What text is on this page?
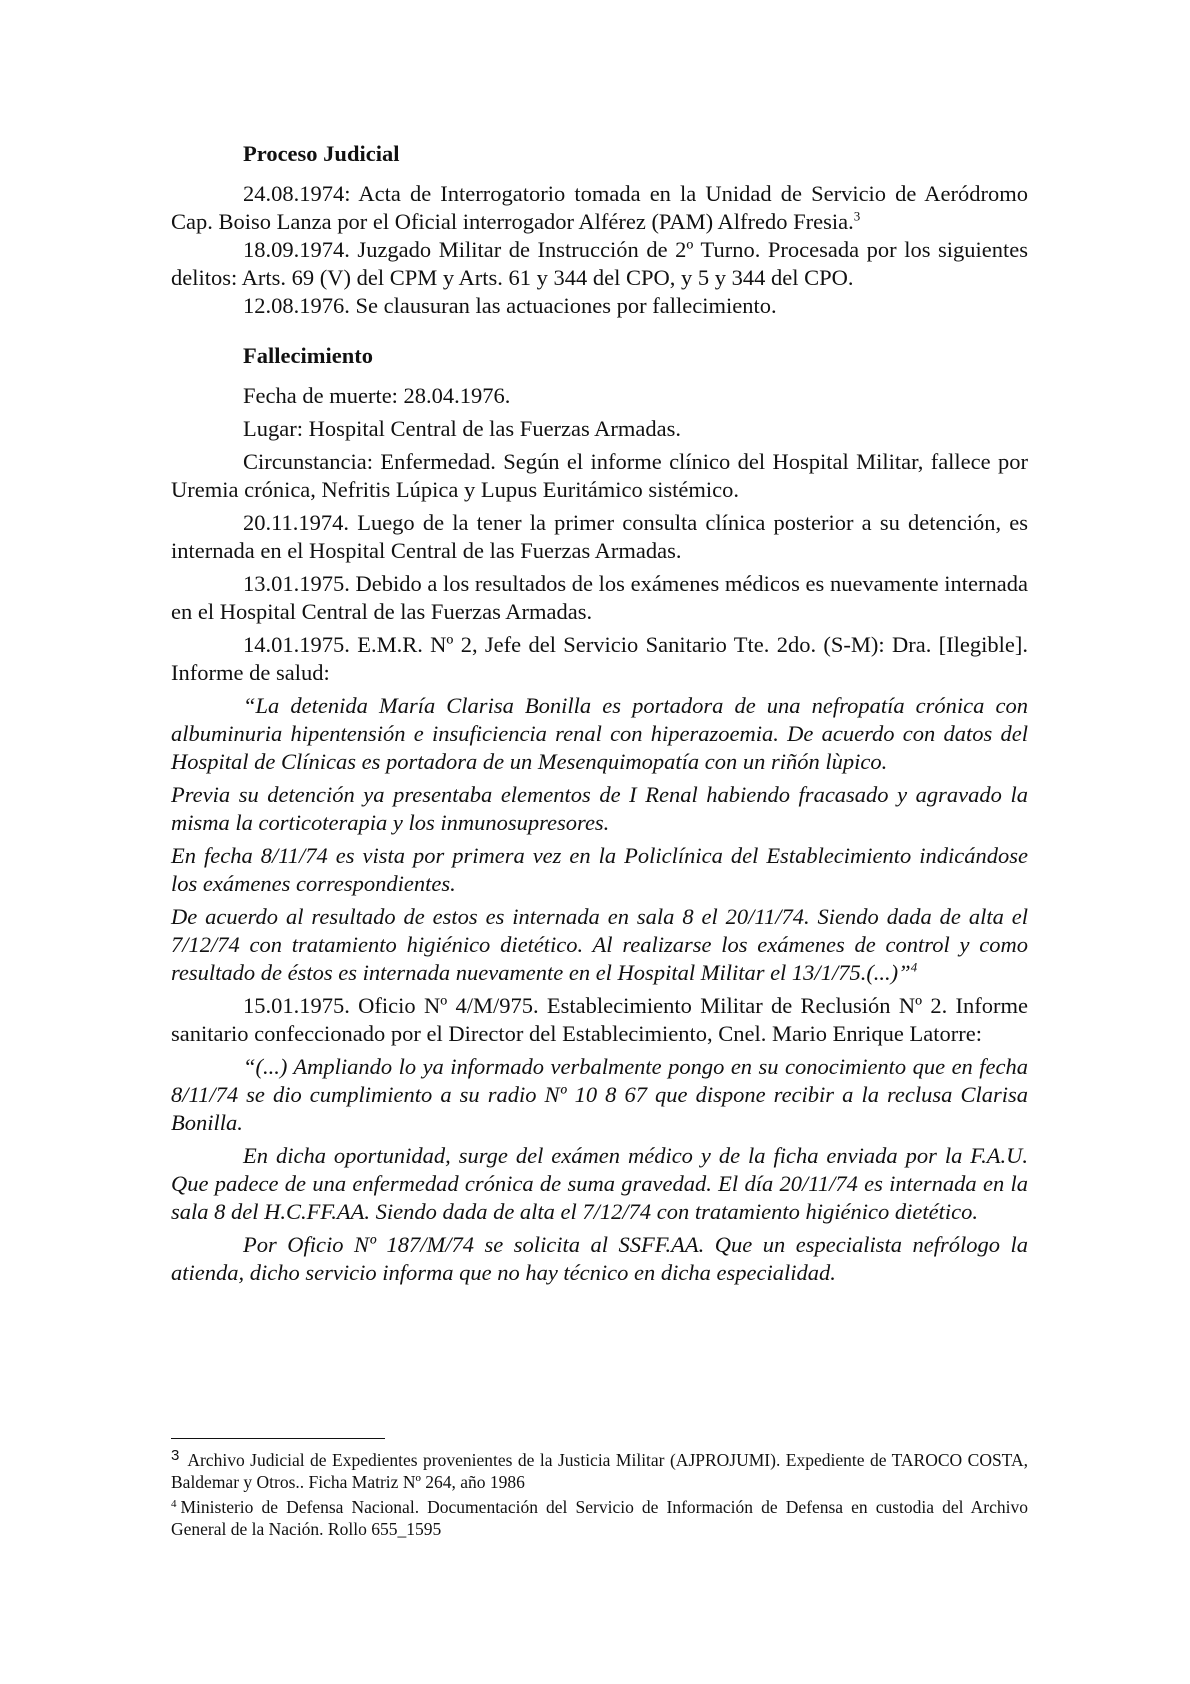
Proceso Judicial

24.08.1974: Acta de Interrogatorio tomada en la Unidad de Servicio de Aeródromo Cap. Boiso Lanza por el Oficial interrogador Alférez (PAM) Alfredo Fresia.$^3$

18.09.1974. Juzgado Militar de Instrucción de 2º Turno. Procesada por los siguientes delitos: Arts. 69 (V) del CPM y Arts. 61 y 344 del CPO, y 5 y 344 del CPO.

12.08.1976. Se clausuran las actuaciones por fallecimiento.

Fallecimiento

Fecha de muerte: 28.04.1976.

Lugar: Hospital Central de las Fuerzas Armadas.

Circunstancia: Enfermedad. Según el informe clínico del Hospital Militar, fallece por Uremia crónica, Nefritis Lúpica y Lupus Euritámico sistémico.

20.11.1974. Luego de la tener la primer consulta clínica posterior a su detención, es internada en el Hospital Central de las Fuerzas Armadas.

13.01.1975. Debido a los resultados de los exámenes médicos es nuevamente internada en el Hospital Central de las Fuerzas Armadas.

14.01.1975. E.M.R. Nº 2, Jefe del Servicio Sanitario Tte. 2do. (S-M): Dra. [Ilegible]. Informe de salud:

“La detenida María Clarisa Bonilla es portadora de una nefropatía crónica con albuminuria hipentensión e insuficiencia renal con hiperazoemia. De acuerdo con datos del Hospital de Clínicas es portadora de un Mesenquimopatía con un riñón lùpico.

Previa su detención ya presentaba elementos de I Renal habiendo fracasado y agravado la misma la corticoterapia y los inmunosupresores.

En fecha 8/11/74 es vista por primera vez en la Policlínica del Establecimiento indicándose los exámenes correspondientes.

De acuerdo al resultado de estos es internada en sala 8 el 20/11/74. Siendo dada de alta el 7/12/74 con tratamiento higiénico dietético. Al realizarse los exámenes de control y como resultado de éstos es internada nuevamente en el Hospital Militar el 13/1/75.(...)”$^4$

15.01.1975. Oficio Nº 4/M/975. Establecimiento Militar de Reclusión Nº 2. Informe sanitario confeccionado por el Director del Establecimiento, Cnel. Mario Enrique Latorre:

“(...) Ampliando lo ya informado verbalmente pongo en su conocimiento que en fecha 8/11/74 se dio cumplimiento a su radio Nº 10 8 67 que dispone recibir a la reclusa Clarisa Bonilla.

En dicha oportunidad, surge del exámen médico y de la ficha enviada por la F.A.U. Que padece de una enfermedad crónica de suma gravedad. El día 20/11/74 es internada en la sala 8 del H.C.FF.AA. Siendo dada de alta el 7/12/74 con tratamiento higiénico dietético.

Por Oficio Nº 187/M/74 se solicita al SSFF.AA. Que un especialista nefrólogo la atienda, dicho servicio informa que no hay técnico en dicha especialidad.

3 Archivo Judicial de Expedientes provenientes de la Justicia Militar (AJPROJUMI). Expediente de TAROCO COSTA, Baldemar y Otros.. Ficha Matriz Nº 264, año 1986

$^4$ Ministerio de Defensa Nacional. Documentación del Servicio de Información de Defensa en custodia del Archivo General de la Nación. Rollo 655_1595
